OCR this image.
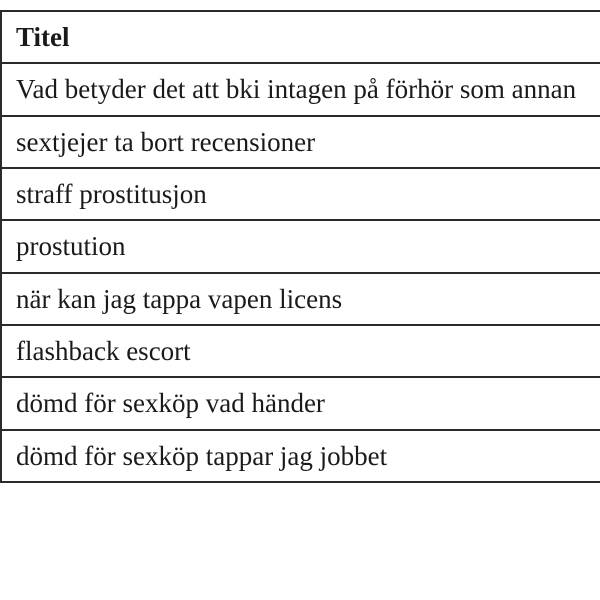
Titel
Vad betyder det att bki intagen på förhör som annan
sextjejer ta bort recensioner
straff prostitusjon
prostution
när kan jag tappa vapen licens
flashback escort
dömd för sexköp vad händer
dömd för sexköp tappar jag jobbet
